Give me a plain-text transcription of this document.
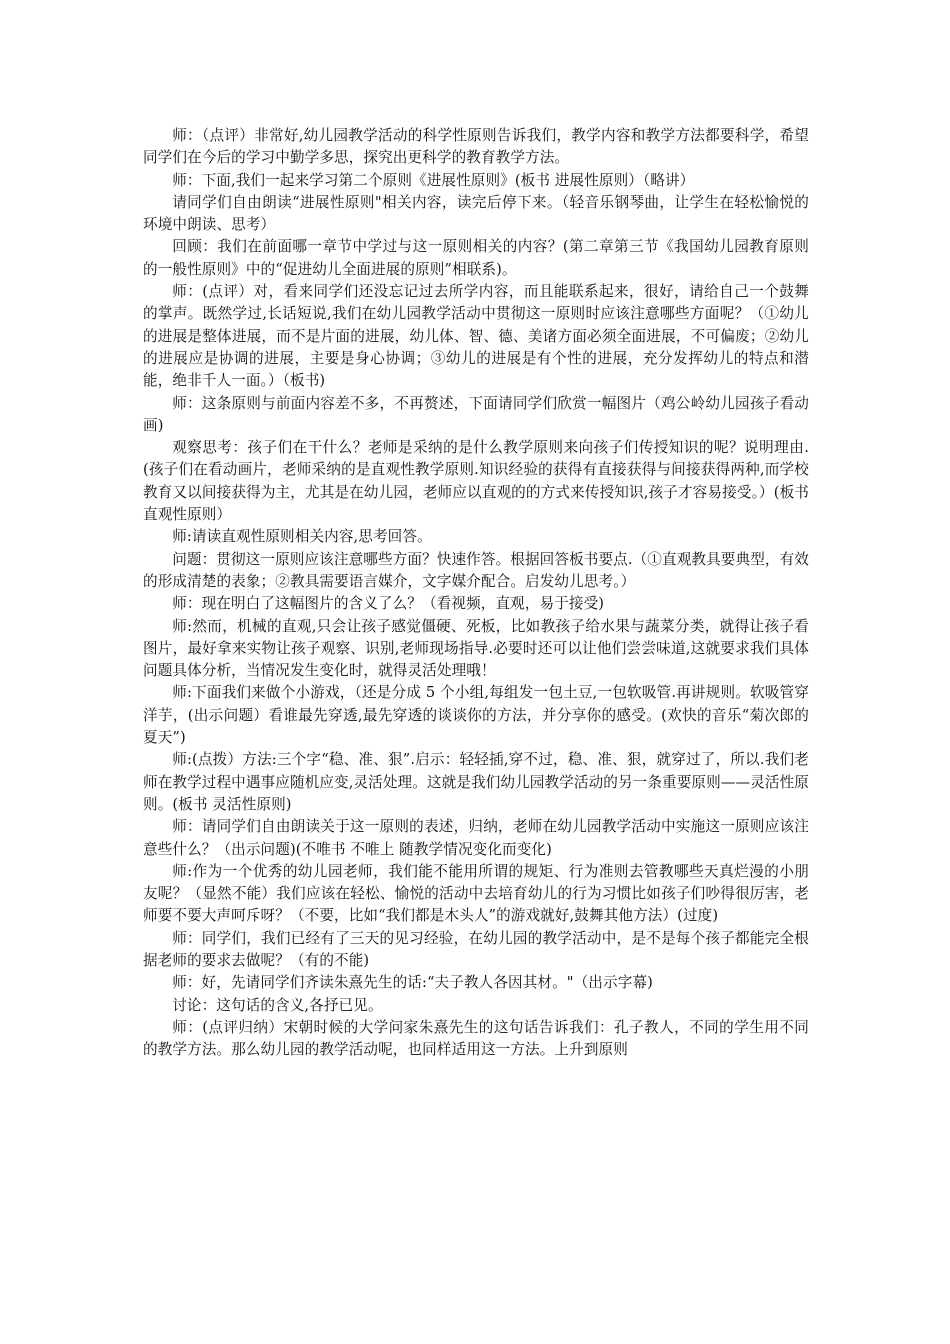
师：（点评）非常好,幼儿园教学活动的科学性原则告诉我们，教学内容和教学方法都要科学，希望同学们在今后的学习中勤学多思，探究出更科学的教育教学方法。

师：下面,我们一起来学习第二个原则《进展性原则》(板书 进展性原则）（略讲）

请同学们自由朗读“进展性原则"相关内容，读完后停下来。（轻音乐钢琴曲，让学生在轻松愉悦的环境中朗读、思考）

回顾：我们在前面哪一章节中学过与这一原则相关的内容？(第二章第三节《我国幼儿园教育原则的一般性原则》中的“促进幼儿全面进展的原则”相联系)。

师：(点评）对，看来同学们还没忘记过去所学内容，而且能联系起来，很好，请给自己一个鼓舞的掌声。既然学过,长话短说,我们在幼儿园教学活动中贯彻这一原则时应该注意哪些方面呢？（①幼儿的进展是整体进展，而不是片面的进展，幼儿体、智、德、美诸方面必须全面进展，不可偏废；②幼儿的进展应是协调的进展，主要是身心协调；③幼儿的进展是有个性的进展，充分发挥幼儿的特点和潜能，绝非千人一面。）（板书)

师：这条原则与前面内容差不多，不再赘述，下面请同学们欣赏一幅图片（鸡公岭幼儿园孩子看动画)

观察思考：孩子们在干什么？老师是采纳的是什么教学原则来向孩子们传授知识的呢？说明理由.(孩子们在看动画片，老师采纳的是直观性教学原则.知识经验的获得有直接获得与间接获得两种,而学校教育又以间接获得为主，尤其是在幼儿园，老师应以直观的的方式来传授知识,孩子才容易接受。）(板书 直观性原则）

师:请读直观性原则相关内容,思考回答。

问题：贯彻这一原则应该注意哪些方面？快速作答。根据回答板书要点.（①直观教具要典型，有效的形成清楚的表象；②教具需要语言媒介，文字媒介配合。启发幼儿思考。）

师：现在明白了这幅图片的含义了么？（看视频，直观，易于接受)

师:然而，机械的直观,只会让孩子感觉僵硬、死板，比如教孩子给水果与蔬菜分类，就得让孩子看图片，最好拿来实物让孩子观察、识别,老师现场指导.必要时还可以让他们尝尝味道,这就要求我们具体问题具体分析，当情况发生变化时，就得灵活处理哦！

师:下面我们来做个小游戏，（还是分成 5 个小组,每组发一包土豆,一包软吸管.再讲规则。软吸管穿洋芋，(出示问题）看谁最先穿透,最先穿透的谈谈你的方法，并分享你的感受。(欢快的音乐“菊次郎的夏天”)

师:(点拨）方法:三个字“稳、准、狠”.启示：轻轻插,穿不过，稳、准、狠，就穿过了，所以.我们老师在教学过程中遇事应随机应变,灵活处理。这就是我们幼儿园教学活动的另一条重要原则——灵活性原则。(板书 灵活性原则)

师：请同学们自由朗读关于这一原则的表述，归纳，老师在幼儿园教学活动中实施这一原则应该注意些什么？（出示问题)(不唯书 不唯上 随教学情况变化而变化)

师:作为一个优秀的幼儿园老师，我们能不能用所谓的规矩、行为准则去管教哪些天真烂漫的小朋友呢？（显然不能）我们应该在轻松、愉悦的活动中去培育幼儿的行为习惯比如孩子们吵得很厉害，老师要不要大声呵斥呀？（不要，比如“我们都是木头人”的游戏就好,鼓舞其他方法）(过度)

师：同学们，我们已经有了三天的见习经验，在幼儿园的教学活动中，是不是每个孩子都能完全根据老师的要求去做呢？（有的不能)

师：好，先请同学们齐读朱熹先生的话:“夫子教人各因其材。"（出示字幕)

讨论：这句话的含义,各抒已见。

师：(点评归纳）宋朝时候的大学问家朱熹先生的这句话告诉我们：孔子教人，不同的学生用不同的教学方法。那么幼儿园的教学活动呢，也同样适用这一方法。上升到原则
